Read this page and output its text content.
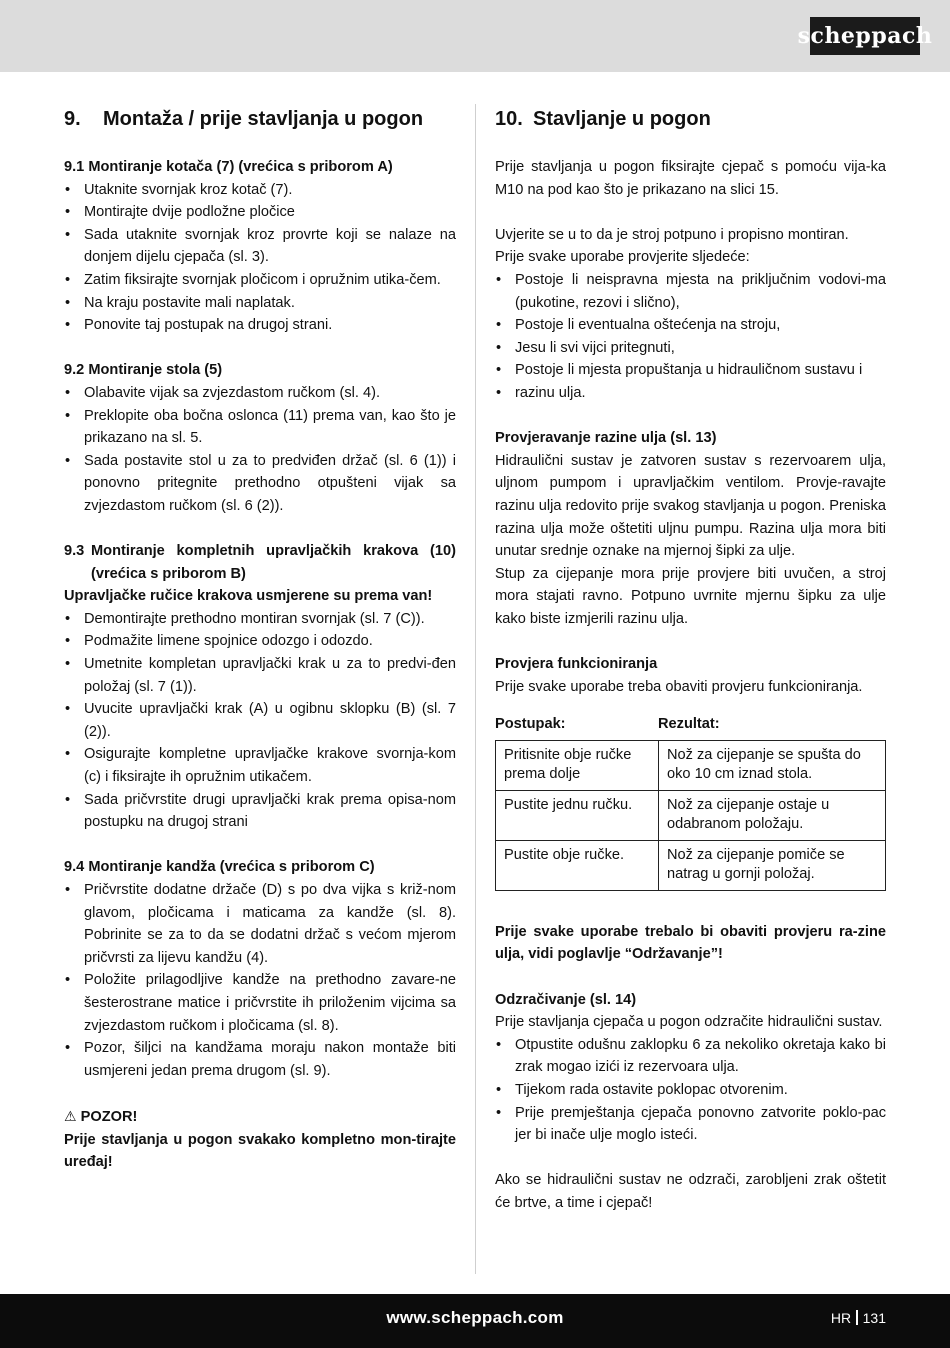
scheppach
9. Montaža / prije stavljanja u pogon

9.1 Montiranje kotača (7) (vrećica s priborom A)

• Utaknite svornjak kroz kotač (7).
• Montirajte dvije podložne pločice
• Sada utaknite svornjak kroz provrte koji se nalaze na donjem dijelu cjepača (sl. 3).
• Zatim fiksirajte svornjak pločicom i opružnim utika-čem.
• Na kraju postavite mali naplatak.
• Ponovite taj postupak na drugoj strani.

9.2 Montiranje stola (5)

• Olabavite vijak sa zvjezdastom ručkom (sl. 4).
• Preklopite oba bočna oslonca (11) prema van, kao što je prikazano na sl. 5.
• Sada postavite stol u za to predviđen držač (sl. 6 (1)) i ponovno pritegnite prethodno otpušteni vijak sa zvjezdastom ručkom (sl. 6 (2)).
9.3 Montiranje kompletnih upravljačkih krakova (10) (vrećica s priborom B)

Upravljačke ručice krakova usmjerene su prema van!

• Demontirajte prethodno montiran svornjak (sl. 7 (C)).
• Podmažite limene spojnice odozgo i odozdo.
• Umetnite kompletan upravljački krak u za to predvi-đen položaj (sl. 7 (1)).
• Uvucite upravljački krak (A) u ogibnu sklopku (B) (sl. 7 (2)).
• Osigurajte kompletne upravljačke krakove svornja-kom (c) i fiksirajte ih opružnim utikačem.
• Sada pričvrstite drugi upravljački krak prema opisa-nom postupku na drugoj strani

9.4 Montiranje kandža (vrećica s priborom C)

• Pričvrstite dodatne držače (D) s po dva vijka s križ-nom glavom, pločicama i maticama za kandže (sl. 8). Pobrinite se za to da se dodatni držač s većom mjerom pričvrsti za lijevu kandžu (4).
• Položite prilagodljive kandže na prethodno zavare-ne šesterostrane matice i pričvrstite ih priloženim vijcima sa zvjezdastom ručkom i pločicama (sl. 8).
• Pozor, šiljci na kandžama moraju nakon montaže biti usmjereni jedan prema drugom (sl. 9).

⚠ POZOR!

Prije stavljanja u pogon svakako kompletno mon-tirajte uređaj!

10. Stavljanje u pogon

Prije stavljanja u pogon fiksirajte cjepač s pomoću vija-ka M10 na pod kao što je prikazano na slici 15.

Uvjerite se u to da je stroj potpuno i propisno montiran.

Prije svake uporabe provjerite sljedeće:

• Postoje li neispravna mjesta na priključnim vodovi-ma (pukotine, rezovi i slično),
• Postoje li eventualna oštećenja na stroju,
• Jesu li svi vijci pritegnuti,
• Postoje li mjesta propuštanja u hidrauličnom sustavu i
• razinu ulja.

Provjeravanje razine ulja (sl. 13)

Hidraulični sustav je zatvoren sustav s rezervoarem ulja, uljnom pumpom i upravljačkim ventilom. Provje-ravajte razinu ulja redovito prije svakog stavljanja u pogon. Preniska razina ulja može oštetiti uljnu pumpu. Razina ulja mora biti unutar srednje oznake na mjernoj šipki za ulje.

Stup za cijepanje mora prije provjere biti uvučen, a stroj mora stajati ravno. Potpuno uvrnite mjernu šipku za ulje kako biste izmjerili razinu ulja.

Provjera funkcioniranja

Prije svake uporabe treba obaviti provjeru funkcioniranja.

Postupak:	Rezultat:
Pritisnite obje ručke prema dolje	Nož za cijepanje se spušta do oko 10 cm iznad stola.
Pustite jednu ručku.	Nož za cijepanje ostaje u odabranom položaju.
Pustite obje ručke.	Nož za cijepanje pomiče se natrag u gornji položaj.

Prije svake uporabe trebalo bi obaviti provjeru ra-zine ulja, vidi poglavlje “Održavanje”!

Odzračivanje (sl. 14)

Prije stavljanja cjepača u pogon odzračite hidraulični sustav.

• Otpustite odušnu zaklopku 6 za nekoliko okretaja kako bi zrak mogao izići iz rezervoara ulja.
• Tijekom rada ostavite poklopac otvorenim.
• Prije premještanja cjepača ponovno zatvorite poklo-pac jer bi inače ulje moglo isteći.

Ako se hidraulični sustav ne odzrači, zarobljeni zrak oštetit će brtve, a time i cjepač!

www.scheppach.com	HR 131
